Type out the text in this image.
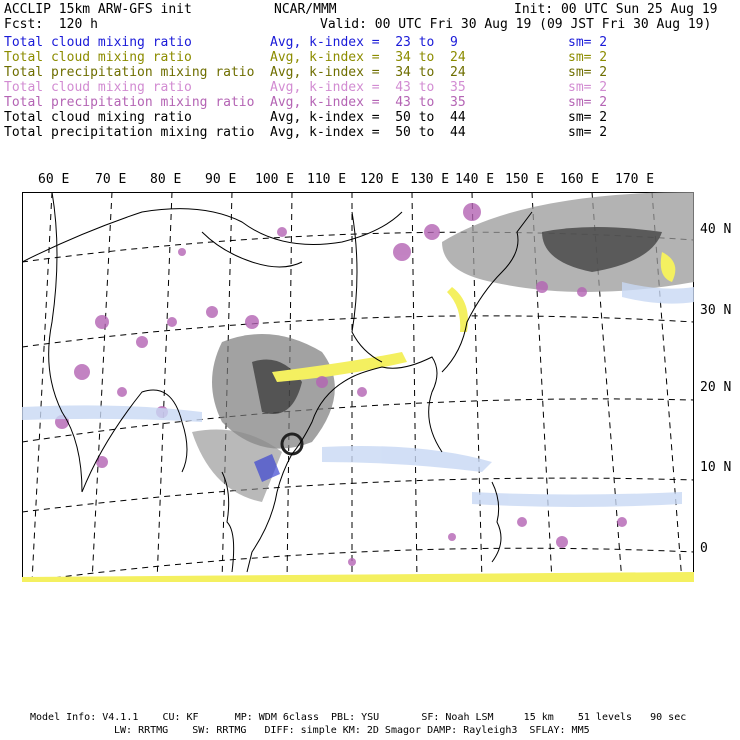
ACCLIP 15km ARW-GFS init	NCAR/MMM	Init: 00 UTC Sun 25 Aug 19
Fcst:  120 h	Valid: 00 UTC Fri 30 Aug 19 (09 JST Fri 30 Aug 19)
Total cloud mixing ratio	Avg, k-index =  23 to  9	sm= 2
Total cloud mixing ratio	Avg, k-index =  34 to  24	sm= 2
Total precipitation mixing ratio Avg, k-index =  34 to  24	sm= 2
Total cloud mixing ratio	Avg, k-index =  43 to  35	sm= 2
Total precipitation mixing ratio Avg, k-index =  43 to  35	sm= 2
Total cloud mixing ratio	Avg, k-index =  50 to  44	sm= 2
Total precipitation mixing ratio Avg, k-index =  50 to  44	sm= 2
60 E 70 E 80 E 90 E 100 E 110 E 120 E 130 E 140 E 150 E 160 E 170 E
40 N
30 N
20 N
10 N
0
Model Info: V4.1.1    CU: KF      MP: WDM 6class  PBL: YSU       SF: Noah LSM     15 km    51 levels   90 sec
LW: RRTMG    SW: RRTMG   DIFF: simple KM: 2D Smagor DAMP: Rayleigh3  SFLAY: MM5
